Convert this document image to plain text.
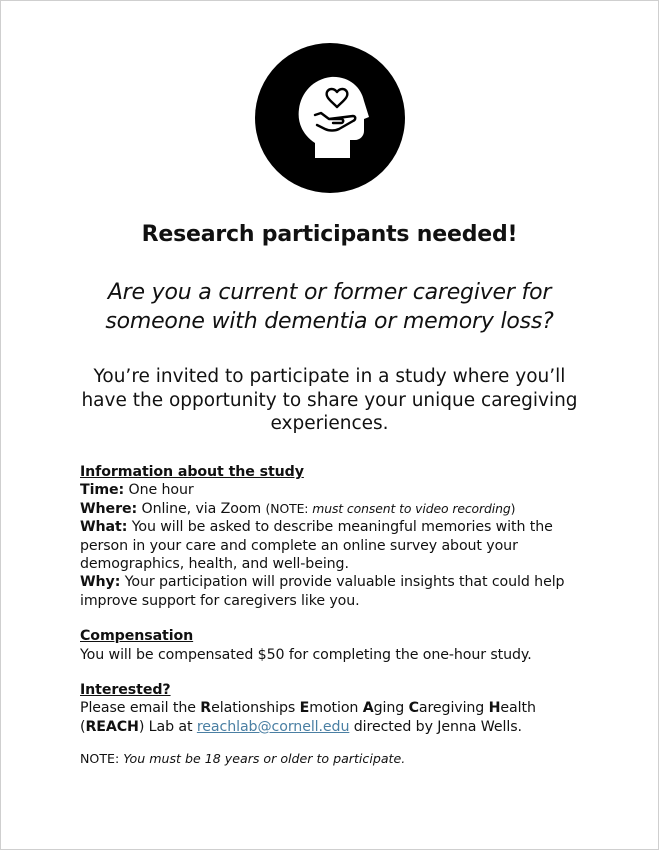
Research participants needed!
Are you a current or former caregiver for someone with dementia or memory loss?
You’re invited to participate in a study where you’ll have the opportunity to share your unique caregiving experiences.
Information about the study
Time: One hour
Where: Online, via Zoom (NOTE: must consent to video recording)
What: You will be asked to describe meaningful memories with the person in your care and complete an online survey about your demographics, health, and well-being.
Why: Your participation will provide valuable insights that could help improve support for caregivers like you.
Compensation
You will be compensated $50 for completing the one-hour study.
Interested?
Please email the Relationships Emotion Aging Caregiving Health (REACH) Lab at reachlab@cornell.edu directed by Jenna Wells.
NOTE: You must be 18 years or older to participate.
